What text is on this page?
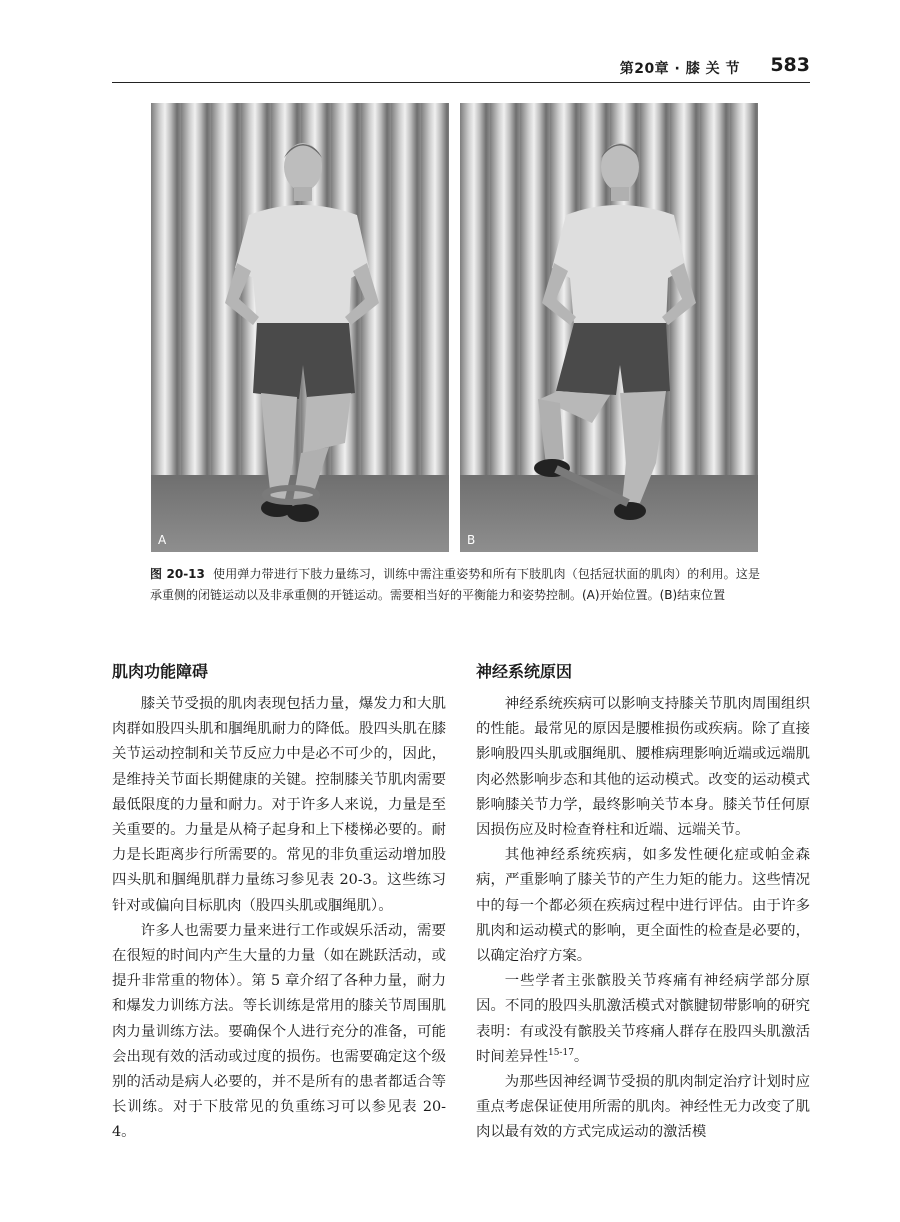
第20章 · 膝 关 节 583
A	B

图 20-13 使用弹力带进行下肢力量练习，训练中需注重姿势和所有下肢肌肉（包括冠状面的肌肉）的利用。这是承重侧的闭链运动以及非承重侧的开链运动。需要相当好的平衡能力和姿势控制。(A)开始位置。(B)结束位置

肌肉功能障碍

膝关节受损的肌肉表现包括力量，爆发力和大肌肉群如股四头肌和腘绳肌耐力的降低。股四头肌在膝关节运动控制和关节反应力中是必不可少的，因此，是维持关节面长期健康的关键。控制膝关节肌肉需要最低限度的力量和耐力。对于许多人来说，力量是至关重要的。力量是从椅子起身和上下楼梯必要的。耐力是长距离步行所需要的。常见的非负重运动增加股四头肌和腘绳肌群力量练习参见表 20-3。这些练习针对或偏向目标肌肉（股四头肌或腘绳肌）。

许多人也需要力量来进行工作或娱乐活动，需要在很短的时间内产生大量的力量（如在跳跃活动，或提升非常重的物体）。第 5 章介绍了各种力量，耐力和爆发力训练方法。等长训练是常用的膝关节周围肌肉力量训练方法。要确保个人进行充分的准备，可能会出现有效的活动或过度的损伤。也需要确定这个级别的活动是病人必要的，并不是所有的患者都适合等长训练。对于下肢常见的负重练习可以参见表 20-4。

神经系统原因

神经系统疾病可以影响支持膝关节肌肉周围组织的性能。最常见的原因是腰椎损伤或疾病。除了直接影响股四头肌或腘绳肌、腰椎病理影响近端或远端肌肉必然影响步态和其他的运动模式。改变的运动模式影响膝关节力学，最终影响关节本身。膝关节任何原因损伤应及时检查脊柱和近端、远端关节。

其他神经系统疾病，如多发性硬化症或帕金森病，严重影响了膝关节的产生力矩的能力。这些情况中的每一个都必须在疾病过程中进行评估。由于许多肌肉和运动模式的影响，更全面性的检查是必要的，以确定治疗方案。

一些学者主张髌股关节疼痛有神经病学部分原因。不同的股四头肌激活模式对髌腱韧带影响的研究表明：有或没有髌股关节疼痛人群存在股四头肌激活时间差异性$^{15-17}$。

为那些因神经调节受损的肌肉制定治疗计划时应重点考虑保证使用所需的肌肉。神经性无力改变了肌肉以最有效的方式完成运动的激活模
